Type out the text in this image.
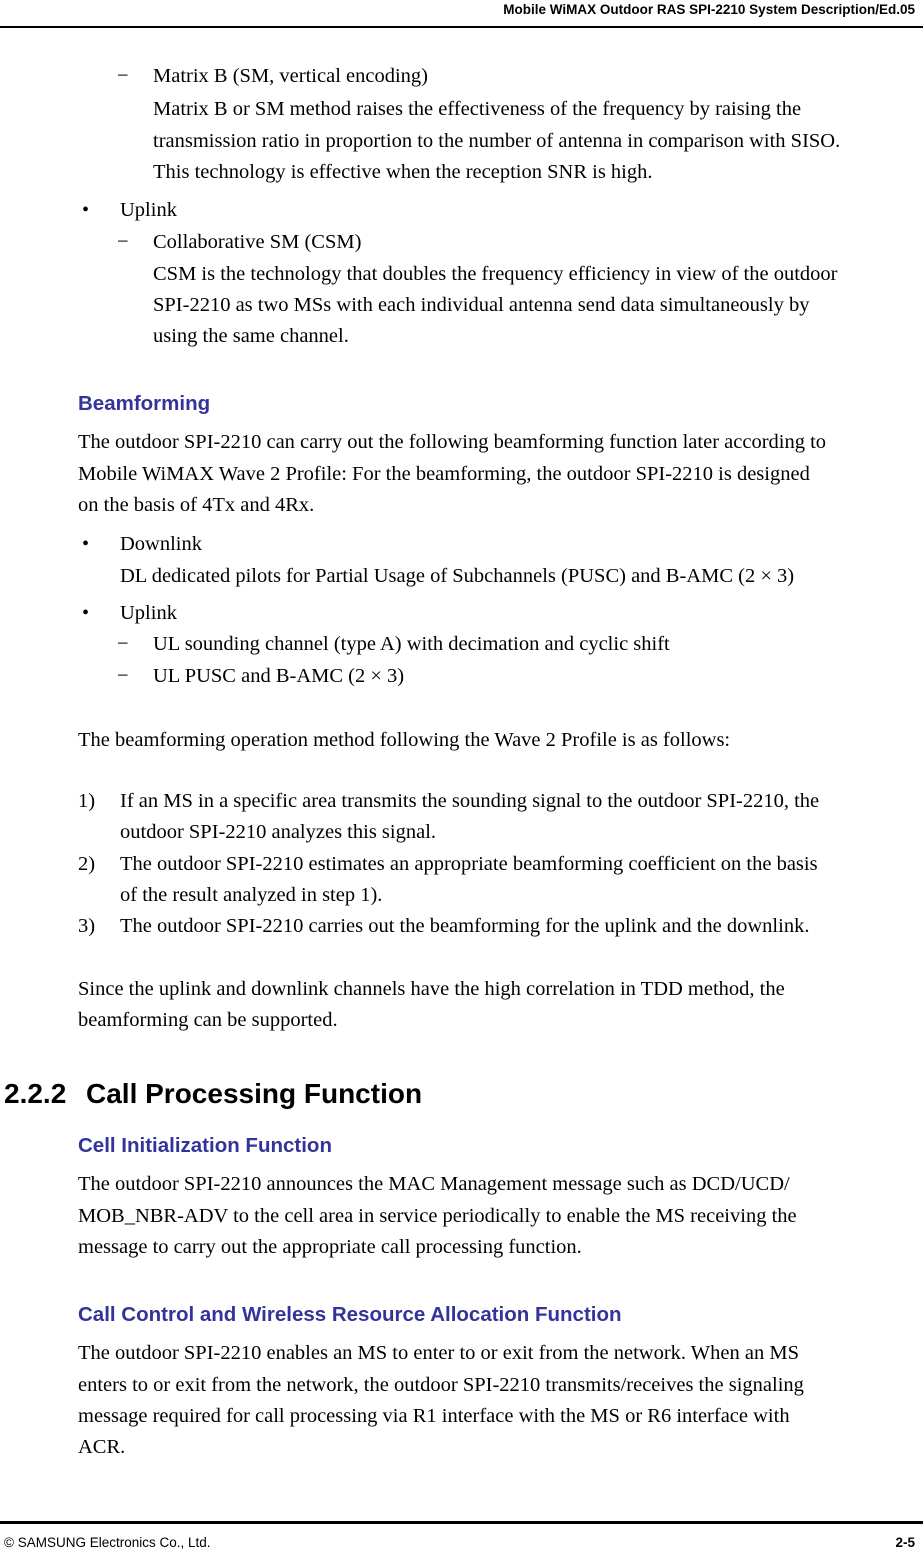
Mobile WiMAX Outdoor RAS SPI-2210 System Description/Ed.05
− Matrix B (SM, vertical encoding)
Matrix B or SM method raises the effectiveness of the frequency by raising the
transmission ratio in proportion to the number of antenna in comparison with SISO.
This technology is effective when the reception SNR is high.
• Uplink
− Collaborative SM (CSM)
CSM is the technology that doubles the frequency efficiency in view of the outdoor
SPI-2210 as two MSs with each individual antenna send data simultaneously by
using the same channel.
Beamforming
The outdoor SPI-2210 can carry out the following beamforming function later according to
Mobile WiMAX Wave 2 Profile: For the beamforming, the outdoor SPI-2210 is designed
on the basis of 4Tx and 4Rx.
• Downlink
DL dedicated pilots for Partial Usage of Subchannels (PUSC) and B-AMC (2 × 3)
• Uplink
− UL sounding channel (type A) with decimation and cyclic shift
− UL PUSC and B-AMC (2 × 3)
The beamforming operation method following the Wave 2 Profile is as follows:
1) If an MS in a specific area transmits the sounding signal to the outdoor SPI-2210, the
outdoor SPI-2210 analyzes this signal.
2) The outdoor SPI-2210 estimates an appropriate beamforming coefficient on the basis
of the result analyzed in step 1).
3) The outdoor SPI-2210 carries out the beamforming for the uplink and the downlink.
Since the uplink and downlink channels have the high correlation in TDD method, the
beamforming can be supported.
2.2.2 Call Processing Function
Cell Initialization Function
The outdoor SPI-2210 announces the MAC Management message such as DCD/UCD/
MOB_NBR-ADV to the cell area in service periodically to enable the MS receiving the
message to carry out the appropriate call processing function.
Call Control and Wireless Resource Allocation Function
The outdoor SPI-2210 enables an MS to enter to or exit from the network. When an MS
enters to or exit from the network, the outdoor SPI-2210 transmits/receives the signaling
message required for call processing via R1 interface with the MS or R6 interface with
ACR.
© SAMSUNG Electronics Co., Ltd.	2-5
